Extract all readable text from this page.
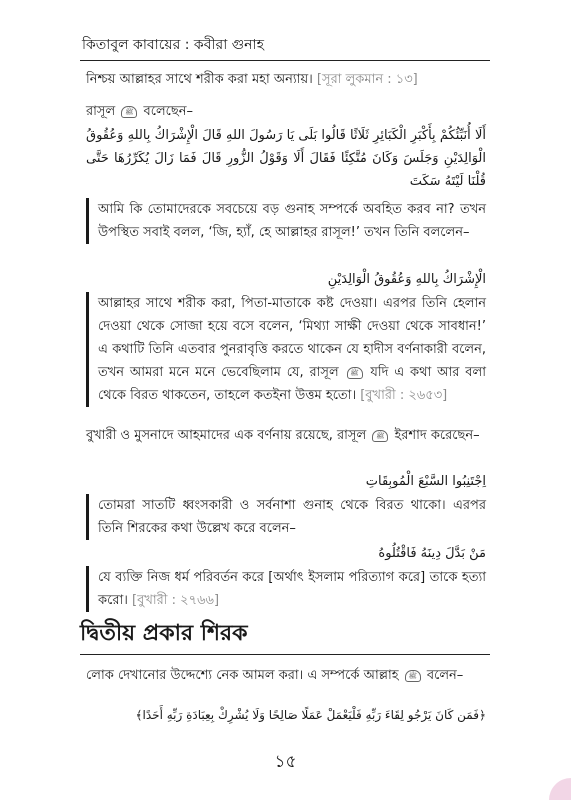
কিতাবুল কাবায়ের : কবীরা গুনাহ

নিশ্চয় আল্লাহর সাথে শরীক করা মহা অন্যায়। [সূরা লুকমান : ১৩]

রাসূল ﷺ বলেছেন–

أَلَا أُنَبِّئُكُمْ بِأَكْبَرِ الْكَبَائِرِ ثَلَاثًا قَالُوا بَلَى يَا رَسُولَ اللهِ قَالَ الْإِشْرَاكُ بِاللهِ وَعُقُوقُ الْوَالِدَيْنِ وَجَلَسَ وَكَانَ مُتَّكِئًا فَقَالَ أَلَا وَقَوْلُ الزُّورِ قَالَ فَمَا زَالَ يُكَرِّرُهَا حَتَّى قُلْنَا لَيْتَهُ سَكَتَ

আমি কি তোমাদেরকে সবচেয়ে বড় গুনাহ সম্পর্কে অবহিত করব না? তখন উপস্থিত সবাই বলল, ‘জি, হ্যাঁ, হে আল্লাহর রাসূল!’ তখন তিনি বললেন–

الْإِشْرَاكُ بِاللهِ وَعُقُوقُ الْوَالِدَيْنِ

আল্লাহর সাথে শরীক করা, পিতা-মাতাকে কষ্ট দেওয়া। এরপর তিনি হেলান দেওয়া থেকে সোজা হয়ে বসে বলেন, ‘মিথ্যা সাক্ষী দেওয়া থেকে সাবধান!’ এ কথাটি তিনি এতবার পুনরাবৃত্তি করতে থাকেন যে হাদীস বর্ণনাকারী বলেন, তখন আমরা মনে মনে ভেবেছিলাম যে, রাসূল ﷺ যদি এ কথা আর বলা থেকে বিরত থাকতেন, তাহলে কতইনা উত্তম হতো। [বুখারী : ২৬৫৩]

বুখারী ও মুসনাদে আহমাদের এক বর্ণনায় রয়েছে, রাসূল ﷺ ইরশাদ করেছেন–

اِجْتَنِبُوا السَّبْعَ الْمُوبِقَاتِ

তোমরা সাতটি ধ্বংসকারী ও সর্বনাশা গুনাহ থেকে বিরত থাকো। এরপর তিনি শিরকের কথা উল্লেখ করে বলেন–

مَنْ بَدَّلَ دِينَهُ فَاقْتُلُوهُ

যে ব্যক্তি নিজ ধর্ম পরিবর্তন করে [অর্থাৎ ইসলাম পরিত্যাগ করে] তাকে হত্যা করো। [বুখারী : ২৭৬৬]

দ্বিতীয় প্রকার শিরক

লোক দেখানোর উদ্দেশ্যে নেক আমল করা। এ সম্পর্কে আল্লাহ ﷺ বলেন–

﴿فَمَن كَانَ يَرْجُو لِقَاءَ رَبِّهِ فَلْيَعْمَلْ عَمَلًا صَالِحًا وَلَا يُشْرِكْ بِعِبَادَةِ رَبِّهِ أَحَدًا﴾

১৫
